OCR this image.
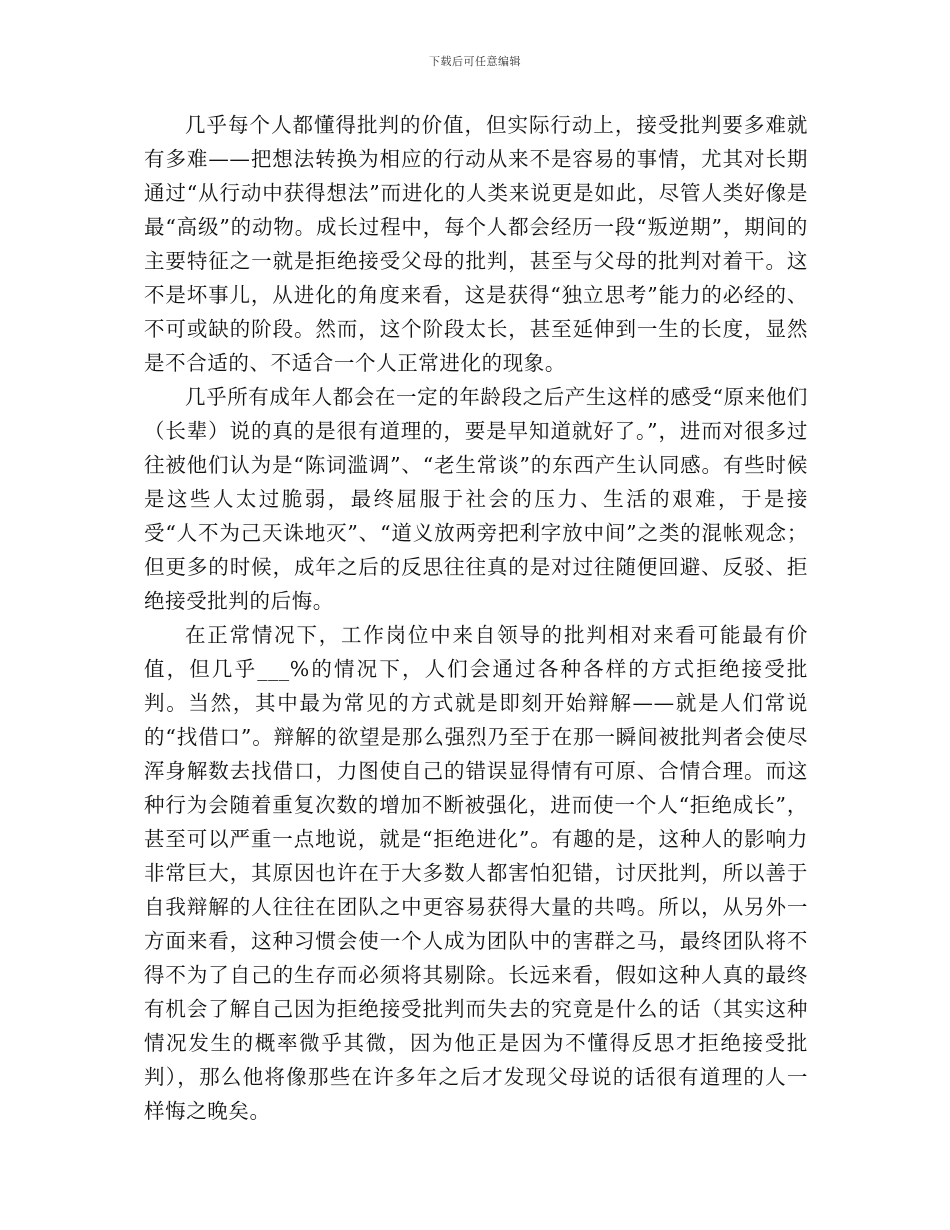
下载后可任意编辑

几乎每个人都懂得批判的价值，但实际行动上，接受批判要多难就有多难——把想法转换为相应的行动从来不是容易的事情，尤其对长期通过“从行动中获得想法”而进化的人类来说更是如此，尽管人类好像是最“高级”的动物。成长过程中，每个人都会经历一段“叛逆期”，期间的主要特征之一就是拒绝接受父母的批判，甚至与父母的批判对着干。这不是坏事儿，从进化的角度来看，这是获得“独立思考”能力的必经的、不可或缺的阶段。然而，这个阶段太长，甚至延伸到一生的长度，显然是不合适的、不适合一个人正常进化的现象。

几乎所有成年人都会在一定的年龄段之后产生这样的感受“原来他们（长辈）说的真的是很有道理的，要是早知道就好了。”，进而对很多过往被他们认为是“陈词滥调”、“老生常谈”的东西产生认同感。有些时候是这些人太过脆弱，最终屈服于社会的压力、生活的艰难，于是接受“人不为己天诛地灭”、“道义放两旁把利字放中间”之类的混帐观念；但更多的时候，成年之后的反思往往真的是对过往随便回避、反驳、拒绝接受批判的后悔。

在正常情况下，工作岗位中来自领导的批判相对来看可能最有价值，但几乎___%的情况下，人们会通过各种各样的方式拒绝接受批判。当然，其中最为常见的方式就是即刻开始辩解——就是人们常说的“找借口”。辩解的欲望是那么强烈乃至于在那一瞬间被批判者会使尽浑身解数去找借口，力图使自己的错误显得情有可原、合情合理。而这种行为会随着重复次数的增加不断被强化，进而使一个人“拒绝成长”，甚至可以严重一点地说，就是“拒绝进化”。有趣的是，这种人的影响力非常巨大，其原因也许在于大多数人都害怕犯错，讨厌批判，所以善于自我辩解的人往往在团队之中更容易获得大量的共鸣。所以，从另外一方面来看，这种习惯会使一个人成为团队中的害群之马，最终团队将不得不为了自己的生存而必须将其剔除。长远来看，假如这种人真的最终有机会了解自己因为拒绝接受批判而失去的究竟是什么的话（其实这种情况发生的概率微乎其微，因为他正是因为不懂得反思才拒绝接受批判），那么他将像那些在许多年之后才发现父母说的话很有道理的人一样悔之晚矣。
